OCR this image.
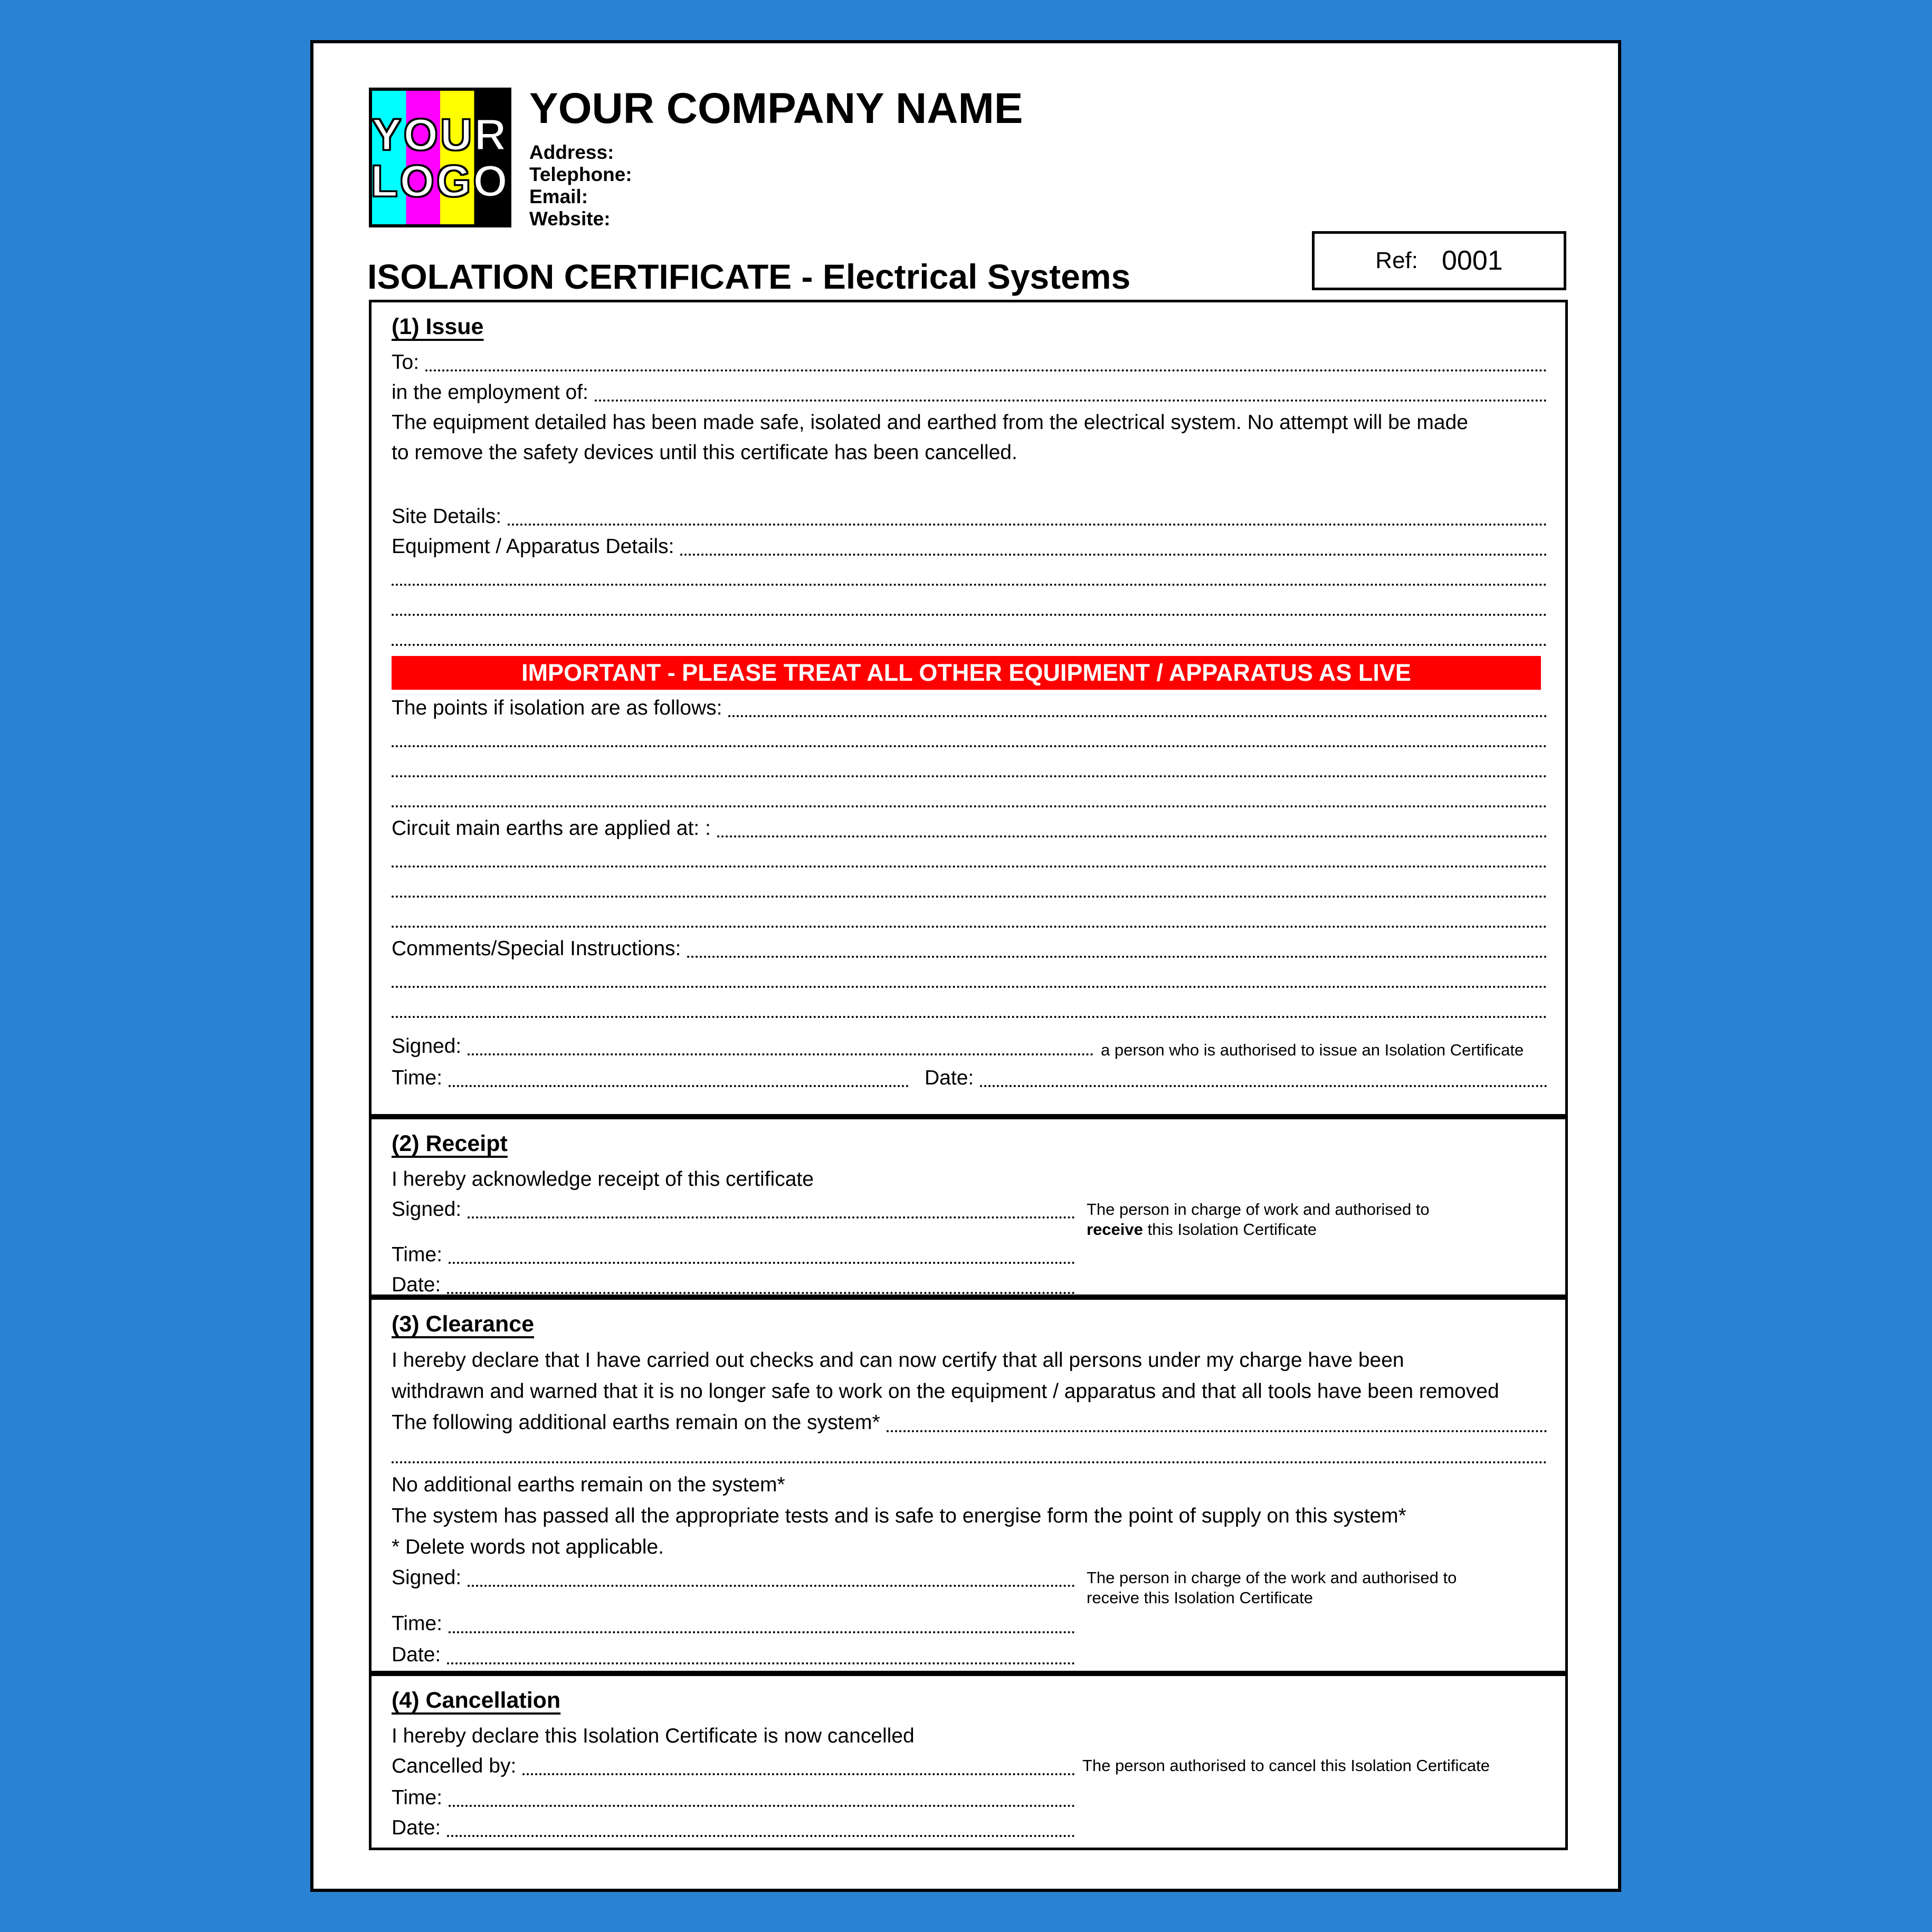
YOUR
LOGO
YOUR COMPANY NAME
Address:
Telephone:
Email:
Website:
ISOLATION CERTIFICATE - Electrical Systems	Ref: 0001
(1) Issue
To:
in the employment of:
The equipment detailed has been made safe, isolated and earthed from the electrical system. No attempt will be made
to remove the safety devices until this certificate has been cancelled.
Site Details:
Equipment / Apparatus Details:
IMPORTANT - PLEASE TREAT ALL OTHER EQUIPMENT / APPARATUS AS LIVE
The points if isolation are as follows:
Circuit main earths are applied at: :
Comments/Special Instructions:
Signed:	a person who is authorised to issue an Isolation Certificate
Time:	Date:
(2) Receipt
I hereby acknowledge receipt of this certificate
Signed:	The person in charge of work and authorised to
receive this Isolation Certificate
Time:
Date:
(3) Clearance
I hereby declare that I have carried out checks and can now certify that all persons under my charge have been
withdrawn and warned that it is no longer safe to work on the equipment / apparatus and that all tools have been removed
The following additional earths remain on the system*
No additional earths remain on the system*
The system has passed all the appropriate tests and is safe to energise form the point of supply on this system*
* Delete words not applicable.
Signed:	The person in charge of the work and authorised to
receive this Isolation Certificate
Time:
Date:
(4) Cancellation
I hereby declare this Isolation Certificate is now cancelled
Cancelled by:	The person authorised to cancel this Isolation Certificate
Time:
Date:
